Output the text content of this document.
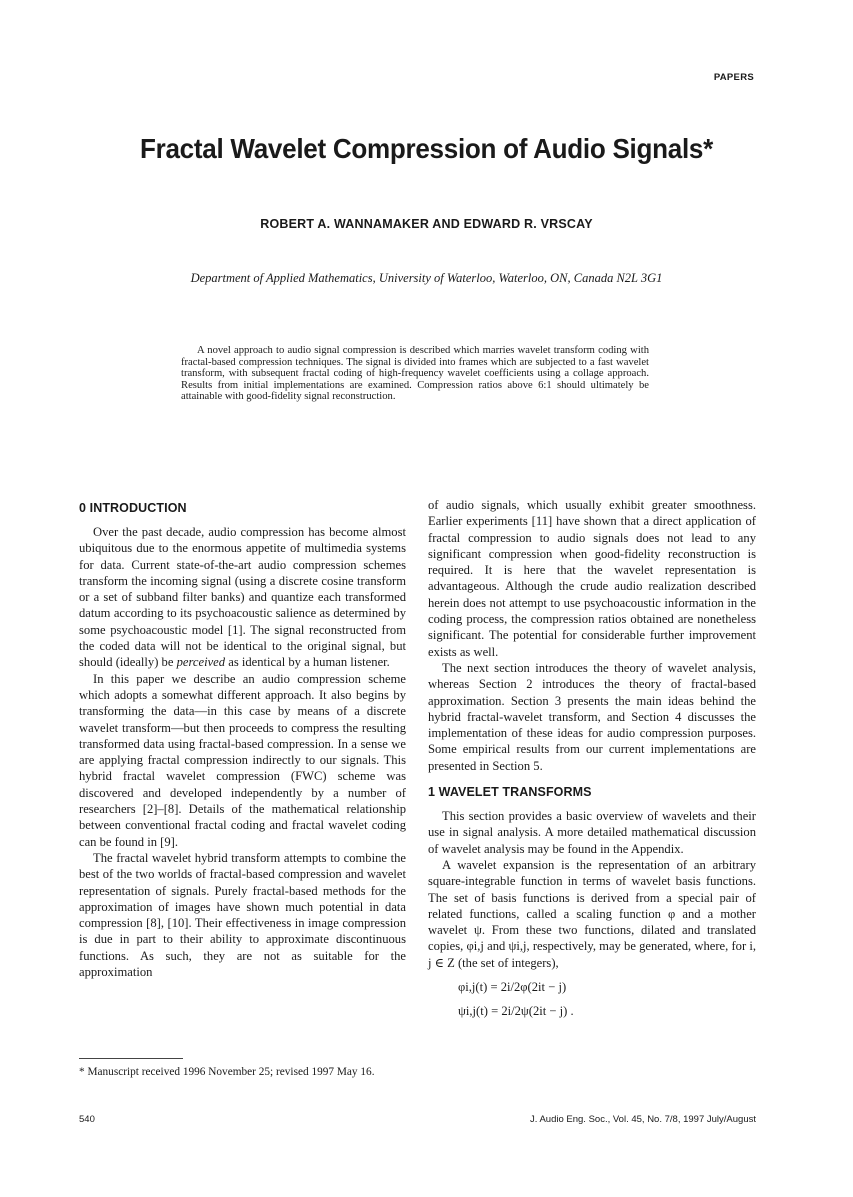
PAPERS
Fractal Wavelet Compression of Audio Signals*
ROBERT A. WANNAMAKER AND EDWARD R. VRSCAY
Department of Applied Mathematics, University of Waterloo, Waterloo, ON, Canada N2L 3G1
A novel approach to audio signal compression is described which marries wavelet transform coding with fractal-based compression techniques. The signal is divided into frames which are subjected to a fast wavelet transform, with subsequent fractal coding of high-frequency wavelet coefficients using a collage approach. Results from initial implementations are examined. Compression ratios above 6:1 should ultimately be attainable with good-fidelity signal reconstruction.
0 INTRODUCTION

Over the past decade, audio compression has become almost ubiquitous due to the enormous appetite of multimedia systems for data. Current state-of-the-art audio compression schemes transform the incoming signal (using a discrete cosine transform or a set of subband filter banks) and quantize each transformed datum according to its psychoacoustic salience as determined by some psychoacoustic model [1]. The signal reconstructed from the coded data will not be identical to the original signal, but should (ideally) be perceived as identical by a human listener.

In this paper we describe an audio compression scheme which adopts a somewhat different approach. It also begins by transforming the data—in this case by means of a discrete wavelet transform—but then proceeds to compress the resulting transformed data using fractal-based compression. In a sense we are applying fractal compression indirectly to our signals. This hybrid fractal wavelet compression (FWC) scheme was discovered and developed independently by a number of researchers [2]–[8]. Details of the mathematical relationship between conventional fractal coding and fractal wavelet coding can be found in [9].

The fractal wavelet hybrid transform attempts to combine the best of the two worlds of fractal-based compression and wavelet representation of signals. Purely fractal-based methods for the approximation of images have shown much potential in data compression [8], [10]. Their effectiveness in image compression is due in part to their ability to approximate discontinuous functions. As such, they are not as suitable for the approximation

of audio signals, which usually exhibit greater smoothness. Earlier experiments [11] have shown that a direct application of fractal compression to audio signals does not lead to any significant compression when good-fidelity reconstruction is required. It is here that the wavelet representation is advantageous. Although the crude audio realization described herein does not attempt to use psychoacoustic information in the coding process, the compression ratios obtained are nonetheless significant. The potential for considerable further improvement exists as well.

The next section introduces the theory of wavelet analysis, whereas Section 2 introduces the theory of fractal-based approximation. Section 3 presents the main ideas behind the hybrid fractal-wavelet transform, and Section 4 discusses the implementation of these ideas for audio compression purposes. Some empirical results from our current implementations are presented in Section 5.

1 WAVELET TRANSFORMS

This section provides a basic overview of wavelets and their use in signal analysis. A more detailed mathematical discussion of wavelet analysis may be found in the Appendix.

A wavelet expansion is the representation of an arbitrary square-integrable function in terms of wavelet basis functions. The set of basis functions is derived from a special pair of related functions, called a scaling function φ and a mother wavelet ψ. From these two functions, dilated and translated copies, φi,j and ψi,j, respectively, may be generated, where, for i, j ∈ Z (the set of integers),

φi,j(t) = 2i/2φ(2it − j)

ψi,j(t) = 2i/2ψ(2it − j) .

* Manuscript received 1996 November 25; revised 1997 May 16.
540	J. Audio Eng. Soc., Vol. 45, No. 7/8, 1997 July/August
